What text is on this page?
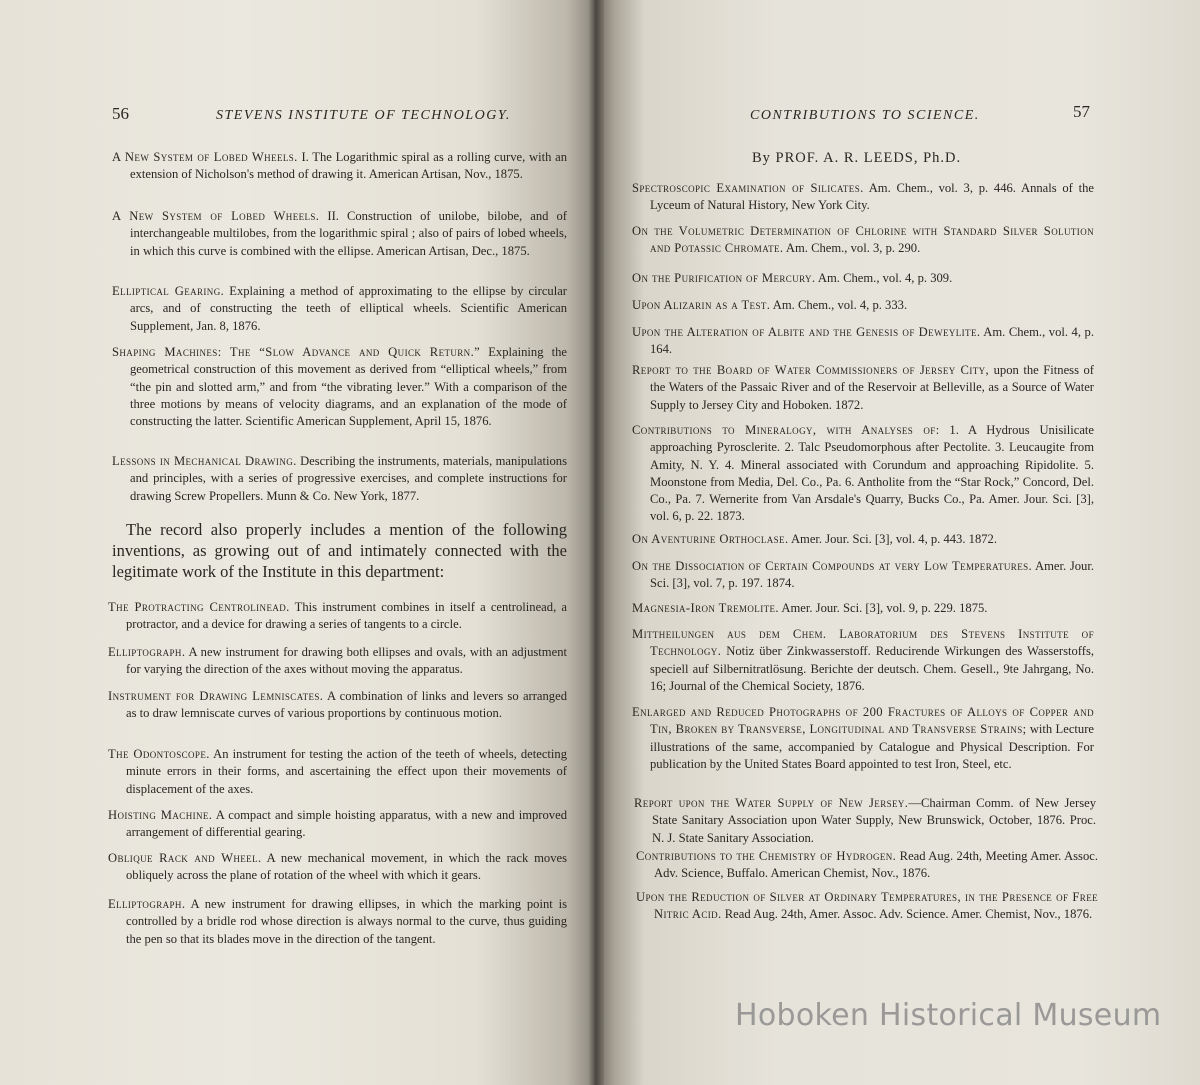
56	STEVENS INSTITUTE OF TECHNOLOGY.
A New System of Lobed Wheels. I. The Logarithmic spiral as a rolling curve, with an extension of Nicholson's method of drawing it. American Artisan, Nov., 1875.
A New System of Lobed Wheels. II. Construction of unilobe, bilobe, and of interchangeable multilobes, from the logarithmic spiral ; also of pairs of lobed wheels, in which this curve is combined with the ellipse. American Artisan, Dec., 1875.
Elliptical Gearing. Explaining a method of approximating to the ellipse by circular arcs, and of constructing the teeth of elliptical wheels. Scientific American Supplement, Jan. 8, 1876.
Shaping Machines: The “Slow Advance and Quick Return.” Explaining the geometrical construction of this movement as derived from “elliptical wheels,” from “the pin and slotted arm,” and from “the vibrating lever.” With a comparison of the three motions by means of velocity diagrams, and an explanation of the mode of constructing the latter. Scientific American Supplement, April 15, 1876.
Lessons in Mechanical Drawing. Describing the instruments, materials, manipulations and principles, with a series of progressive exercises, and complete instructions for drawing Screw Propellers. Munn & Co. New York, 1877.
The record also properly includes a mention of the following inventions, as growing out of and intimately connected with the legitimate work of the Institute in this department:
The Protracting Centrolinead. This instrument combines in itself a centrolinead, a protractor, and a device for drawing a series of tangents to a circle.
Elliptograph. A new instrument for drawing both ellipses and ovals, with an adjustment for varying the direction of the axes without moving the apparatus.
Instrument for Drawing Lemniscates. A combination of links and levers so arranged as to draw lemniscate curves of various proportions by continuous motion.
The Odontoscope. An instrument for testing the action of the teeth of wheels, detecting minute errors in their forms, and ascertaining the effect upon their movements of displacement of the axes.
Hoisting Machine. A compact and simple hoisting apparatus, with a new and improved arrangement of differential gearing.
Oblique Rack and Wheel. A new mechanical movement, in which the rack moves obliquely across the plane of rotation of the wheel with which it gears.
Elliptograph. A new instrument for drawing ellipses, in which the marking point is controlled by a bridle rod whose direction is always normal to the curve, thus guiding the pen so that its blades move in the direction of the tangent.
CONTRIBUTIONS TO SCIENCE.	57
By PROF. A. R. LEEDS, Ph.D.
Spectroscopic Examination of Silicates. Am. Chem., vol. 3, p. 446. Annals of the Lyceum of Natural History, New York City.
On the Volumetric Determination of Chlorine with Standard Silver Solution and Potassic Chromate. Am. Chem., vol. 3, p. 290.
On the Purification of Mercury. Am. Chem., vol. 4, p. 309.
Upon Alizarin as a Test. Am. Chem., vol. 4, p. 333.
Upon the Alteration of Albite and the Genesis of Deweylite. Am. Chem., vol. 4, p. 164.
Report to the Board of Water Commissioners of Jersey City, upon the Fitness of the Waters of the Passaic River and of the Reservoir at Belleville, as a Source of Water Supply to Jersey City and Hoboken. 1872.
Contributions to Mineralogy, with Analyses of: 1. A Hydrous Unisilicate approaching Pyrosclerite. 2. Talc Pseudomorphous after Pectolite. 3. Leucaugite from Amity, N. Y. 4. Mineral associated with Corundum and approaching Ripidolite. 5. Moonstone from Media, Del. Co., Pa. 6. Antholite from the “Star Rock,” Concord, Del. Co., Pa. 7. Wernerite from Van Arsdale's Quarry, Bucks Co., Pa. Amer. Jour. Sci. [3], vol. 6, p. 22. 1873.
On Aventurine Orthoclase. Amer. Jour. Sci. [3], vol. 4, p. 443. 1872.
On the Dissociation of Certain Compounds at very Low Temperatures. Amer. Jour. Sci. [3], vol. 7, p. 197. 1874.
Magnesia-Iron Tremolite. Amer. Jour. Sci. [3], vol. 9, p. 229. 1875.
Mittheilungen aus dem Chem. Laboratorium des Stevens Institute of Technology. Notiz über Zinkwasserstoff. Reducirende Wirkungen des Wasserstoffs, speciell auf Silbernitratlösung. Berichte der deutsch. Chem. Gesell., 9te Jahrgang, No. 16; Journal of the Chemical Society, 1876.
Enlarged and Reduced Photographs of 200 Fractures of Alloys of Copper and Tin, Broken by Transverse, Longitudinal and Transverse Strains; with Lecture illustrations of the same, accompanied by Catalogue and Physical Description. For publication by the United States Board appointed to test Iron, Steel, etc.
Report upon the Water Supply of New Jersey.—Chairman Comm. of New Jersey State Sanitary Association upon Water Supply, New Brunswick, October, 1876. Proc. N. J. State Sanitary Association.
Contributions to the Chemistry of Hydrogen. Read Aug. 24th, Meeting Amer. Assoc. Adv. Science, Buffalo. American Chemist, Nov., 1876.
Upon the Reduction of Silver at Ordinary Temperatures, in the Presence of Free Nitric Acid. Read Aug. 24th, Amer. Assoc. Adv. Science. Amer. Chemist, Nov., 1876.
Hoboken Historical Museum
